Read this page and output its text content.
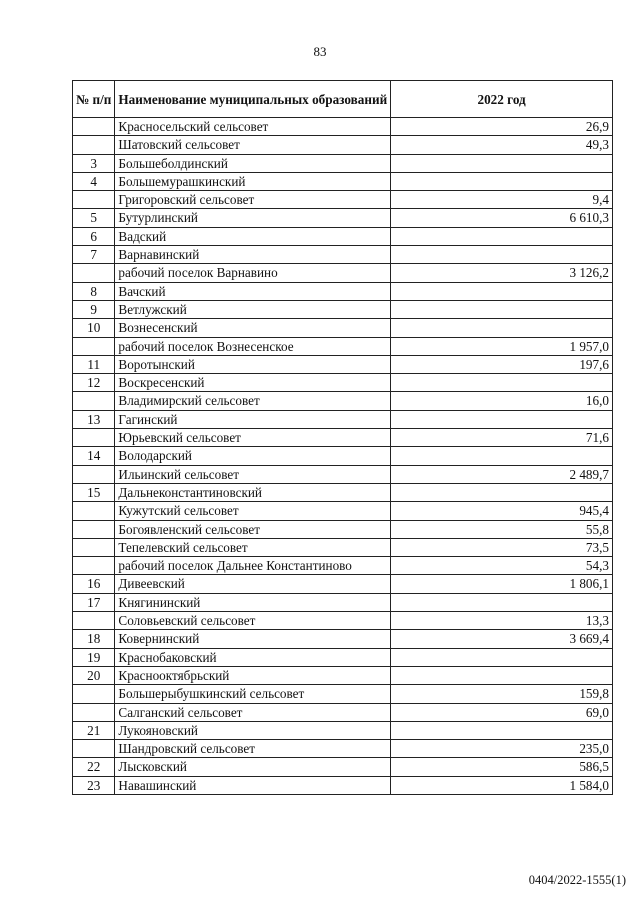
83
№ п/п	Наименование муниципальных образований	2022 год
	Красносельский сельсовет	26,9
	Шатовский сельсовет	49,3
3	Большеболдинский	
4	Большемурашкинский	
	Григоровский сельсовет	9,4
5	Бутурлинский	6 610,3
6	Вадский	
7	Варнавинский	
	рабочий поселок Варнавино	3 126,2
8	Вачский	
9	Ветлужский	
10	Вознесенский	
	рабочий поселок Вознесенское	1 957,0
11	Воротынский	197,6
12	Воскресенский	
	Владимирский сельсовет	16,0
13	Гагинский	
	Юрьевский сельсовет	71,6
14	Володарский	
	Ильинский сельсовет	2 489,7
15	Дальнеконстантиновский	
	Кужутский сельсовет	945,4
	Богоявленский сельсовет	55,8
	Тепелевский сельсовет	73,5
	рабочий поселок Дальнее Константиново	54,3
16	Дивеевский	1 806,1
17	Княгининский	
	Соловьевский сельсовет	13,3
18	Ковернинский	3 669,4
19	Краснобаковский	
20	Краснооктябрьский	
	Большерыбушкинский сельсовет	159,8
	Салганский сельсовет	69,0
21	Лукояновский	
	Шандровский сельсовет	235,0
22	Лысковский	586,5
23	Навашинский	1 584,0
0404/2022-1555(1)
